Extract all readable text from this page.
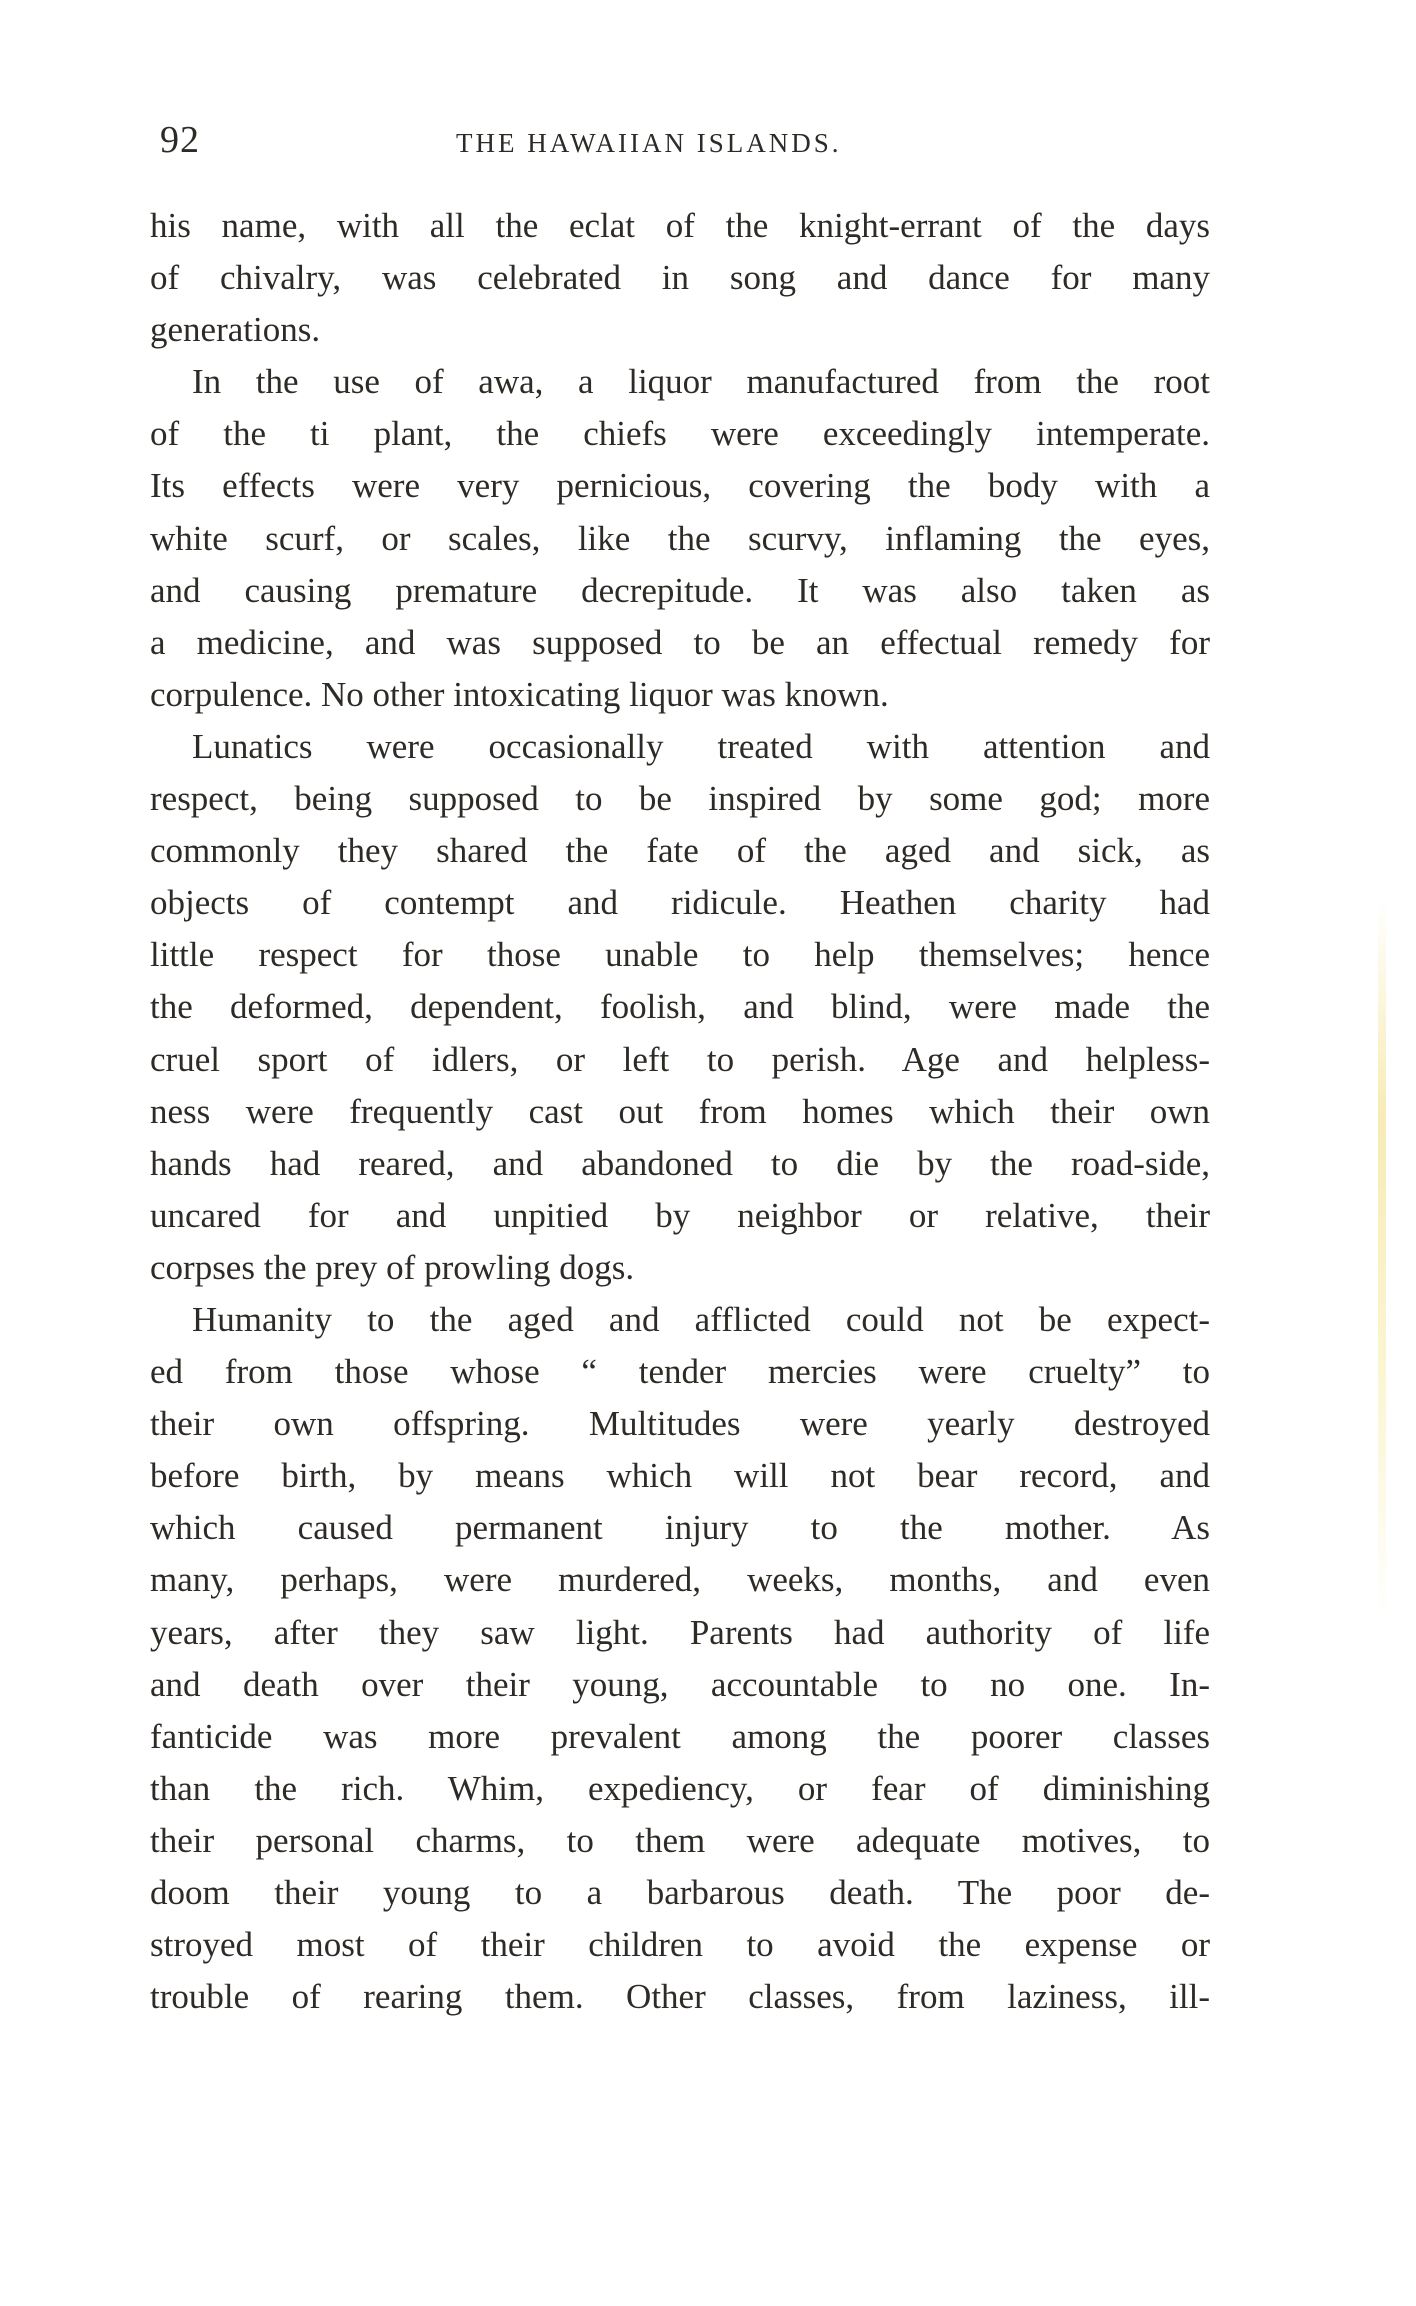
92	THE HAWAIIAN ISLANDS.
his name, with all the eclat of the knight-errant of the days
of chivalry, was celebrated in song and dance for many
generations.
In the use of awa, a liquor manufactured from the root
of the ti plant, the chiefs were exceedingly intemperate.
Its effects were very pernicious, covering the body with a
white scurf, or scales, like the scurvy, inflaming the eyes,
and causing premature decrepitude. It was also taken as
a medicine, and was supposed to be an effectual remedy for
corpulence. No other intoxicating liquor was known.
Lunatics were occasionally treated with attention and
respect, being supposed to be inspired by some god; more
commonly they shared the fate of the aged and sick, as
objects of contempt and ridicule. Heathen charity had
little respect for those unable to help themselves; hence
the deformed, dependent, foolish, and blind, were made the
cruel sport of idlers, or left to perish. Age and helpless-
ness were frequently cast out from homes which their own
hands had reared, and abandoned to die by the road-side,
uncared for and unpitied by neighbor or relative, their
corpses the prey of prowling dogs.
Humanity to the aged and afflicted could not be expect-
ed from those whose “ tender mercies were cruelty” to
their own offspring. Multitudes were yearly destroyed
before birth, by means which will not bear record, and
which caused permanent injury to the mother. As
many, perhaps, were murdered, weeks, months, and even
years, after they saw light. Parents had authority of life
and death over their young, accountable to no one. In-
fanticide was more prevalent among the poorer classes
than the rich. Whim, expediency, or fear of diminishing
their personal charms, to them were adequate motives, to
doom their young to a barbarous death. The poor de-
stroyed most of their children to avoid the expense or
trouble of rearing them. Other classes, from laziness, ill-
